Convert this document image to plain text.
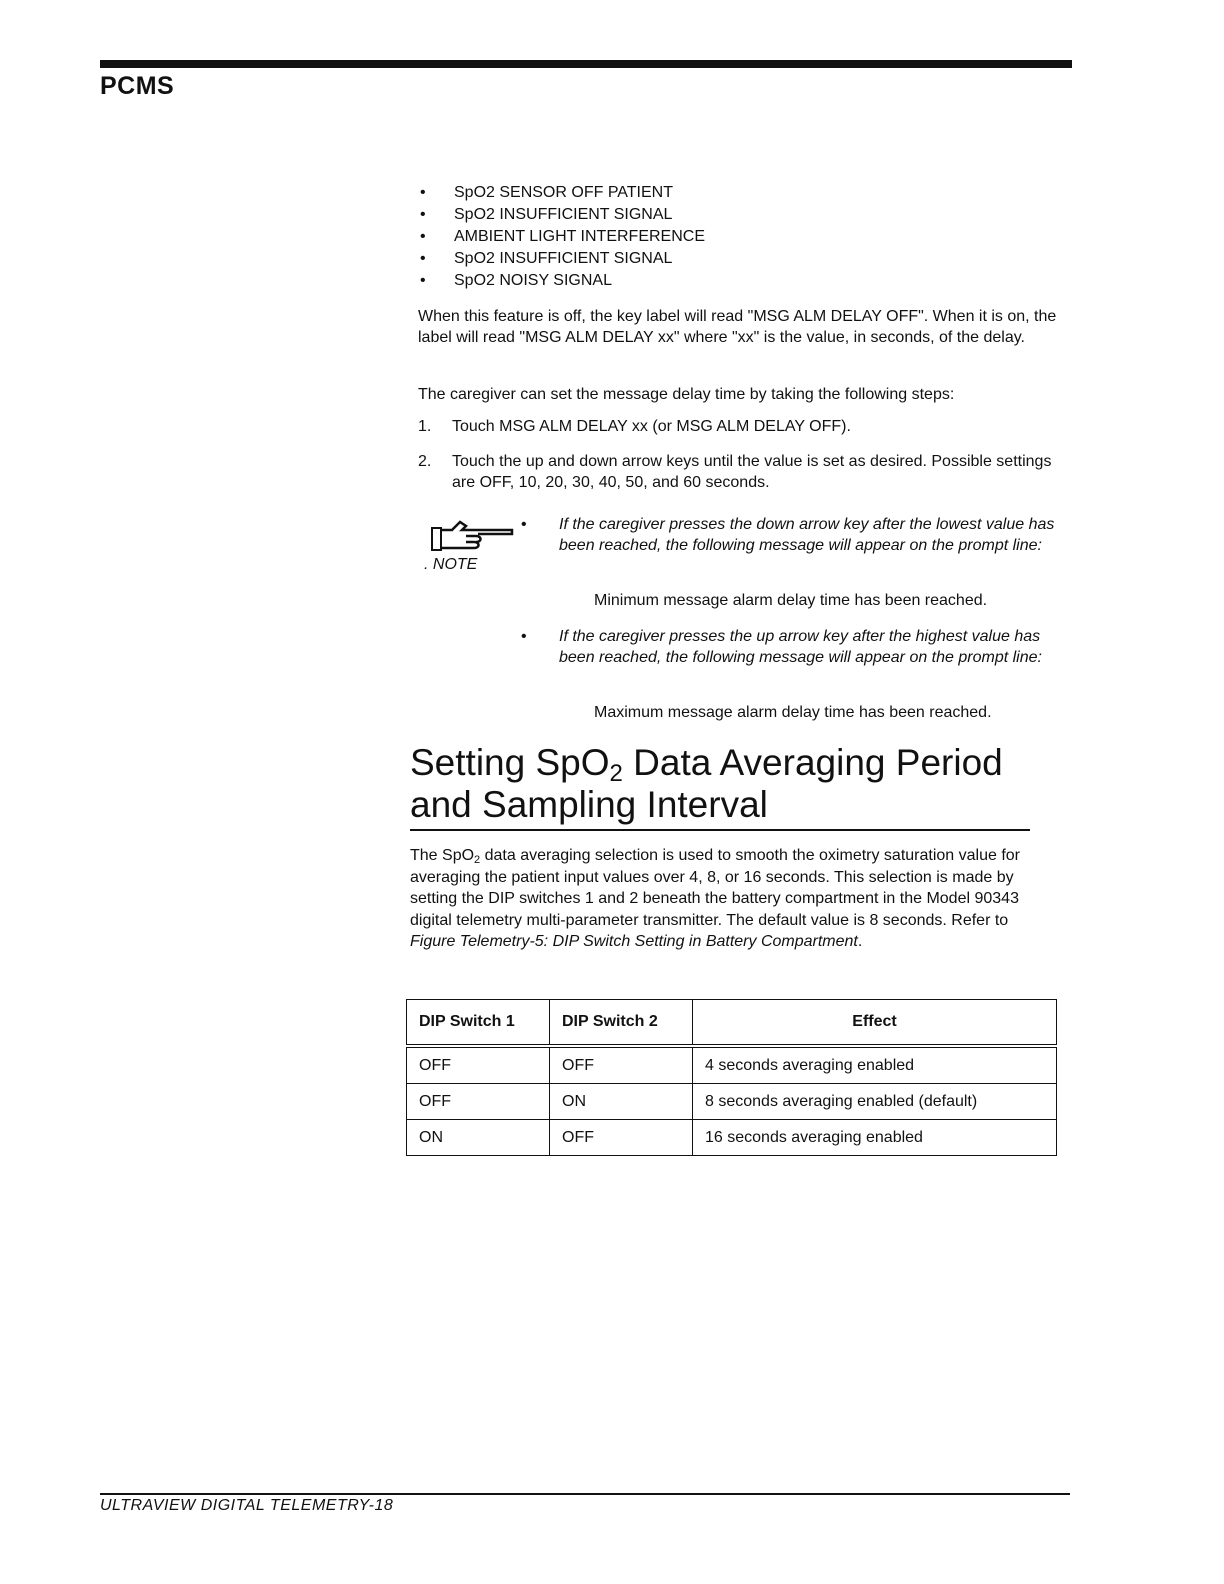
PCMS
• SpO2 SENSOR OFF PATIENT
• SpO2 INSUFFICIENT SIGNAL
• AMBIENT LIGHT INTERFERENCE
• SpO2 INSUFFICIENT SIGNAL
• SpO2 NOISY SIGNAL
When this feature is off, the key label will read "MSG ALM DELAY OFF". When it is on, the label will read "MSG ALM DELAY xx" where "xx" is the value, in seconds, of the delay.
The caregiver can set the message delay time by taking the following steps:
1. Touch MSG ALM DELAY xx (or MSG ALM DELAY OFF).
2. Touch the up and down arrow keys until the value is set as desired. Possible settings are OFF, 10, 20, 30, 40, 50, and 60 seconds.
. NOTE
• If the caregiver presses the down arrow key after the lowest value has been reached, the following message will appear on the prompt line:
Minimum message alarm delay time has been reached.
• If the caregiver presses the up arrow key after the highest value has been reached, the following message will appear on the prompt line:
Maximum message alarm delay time has been reached.
Setting SpO$_2$ Data Averaging Period and Sampling Interval
The SpO$_2$ data averaging selection is used to smooth the oximetry saturation value for averaging the patient input values over 4, 8, or 16 seconds. This selection is made by setting the DIP switches 1 and 2 beneath the battery compartment in the Model 90343 digital telemetry multi-parameter transmitter. The default value is 8 seconds. Refer to Figure Telemetry-5: DIP Switch Setting in Battery Compartment.
DIP Switch 1	DIP Switch 2	Effect
OFF	OFF	4 seconds averaging enabled
OFF	ON	8 seconds averaging enabled (default)
ON	OFF	16 seconds averaging enabled
ULTRAVIEW DIGITAL TELEMETRY-18
